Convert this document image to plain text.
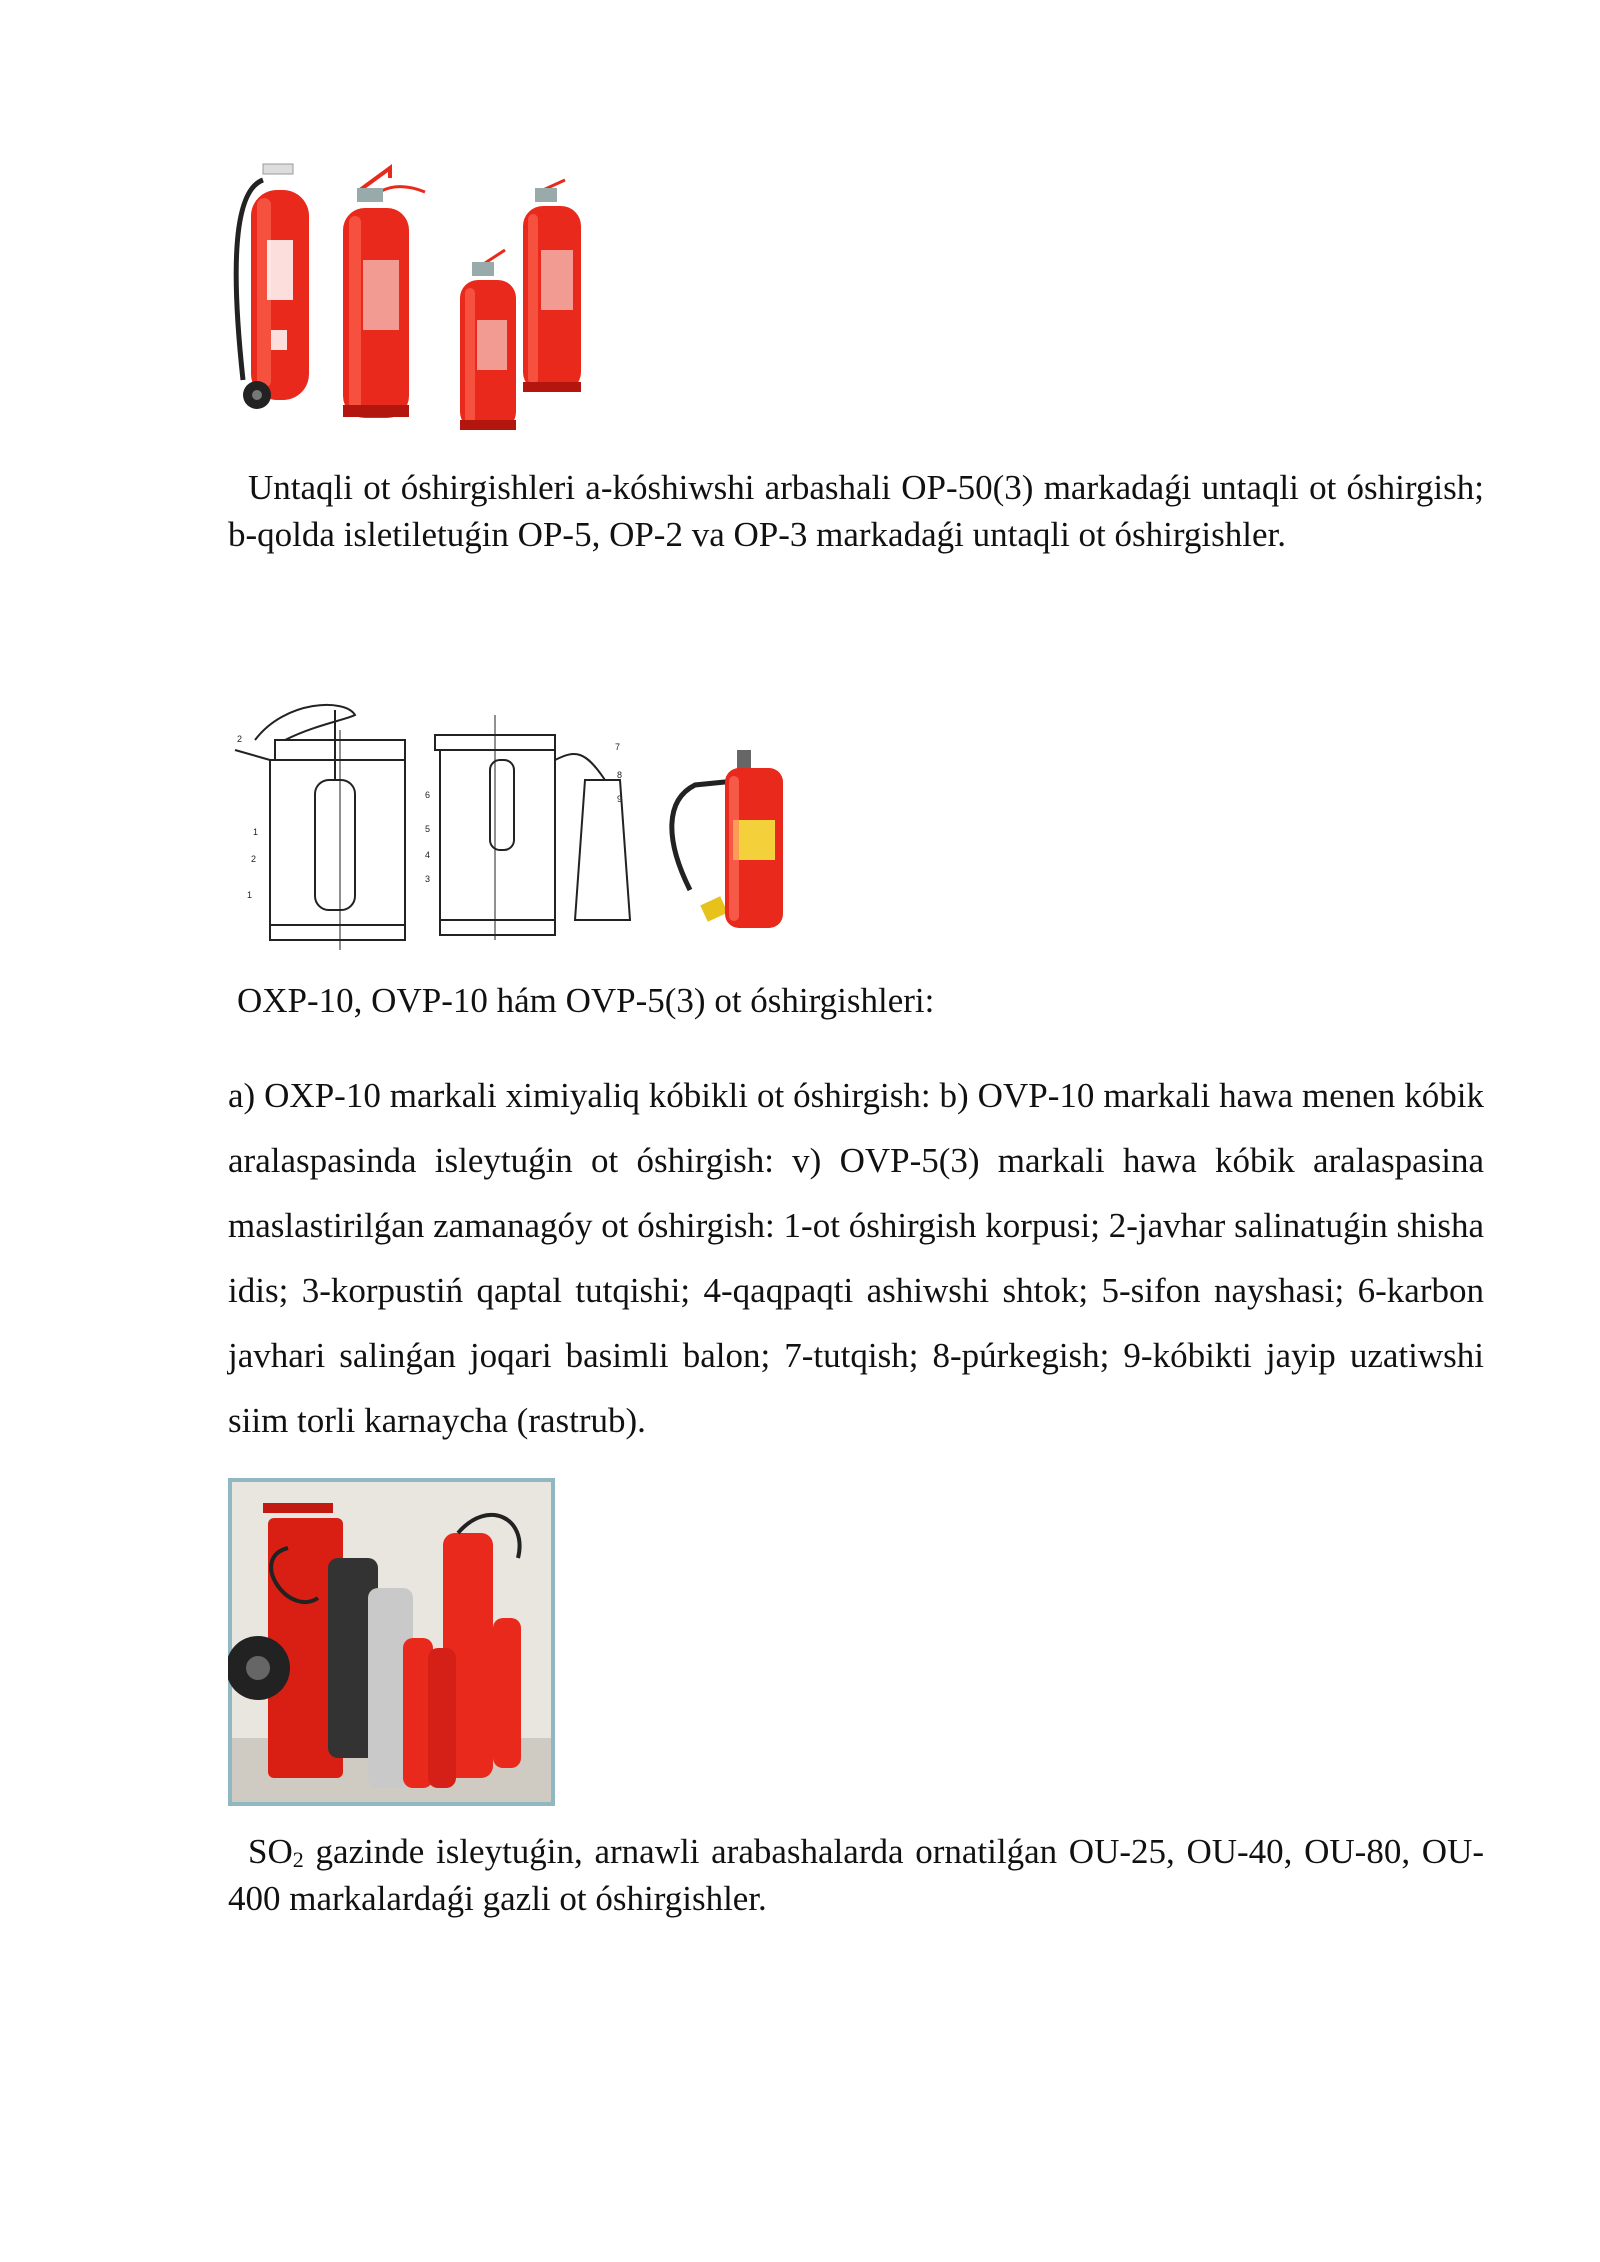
Untaqli ot óshirgishleri a-kóshiwshi arbashali OP-50(3) markadaǵi untaqli ot óshirgish; b-qolda isletiletuǵin OP-5, OP-2 va OP-3 markadaǵi untaqli ot óshirgishler.

2
1
2
1
7
8
9
6
5
4
3

OXP-10, OVP-10 hám OVP-5(3) ot óshirgishleri:

a) OXP-10 markali ximiyaliq kóbikli ot óshirgish: b) OVP-10 markali hawa menen kóbik aralaspasinda isleytuǵin ot óshirgish: v) OVP-5(3) markali hawa kóbik aralaspasina maslastirilǵan zamanagóy ot óshirgish: 1-ot óshirgish korpusi; 2-javhar salinatuǵin shisha idis; 3-korpustiń qaptal tutqishi; 4-qaqpaqti ashiwshi shtok; 5-sifon nayshasi; 6-karbon javhari salinǵan joqari basimli balon; 7-tutqish; 8-púrkegish; 9-kóbikti jayip uzatiwshi siim torli karnaycha (rastrub).

$SO_2$ gazinde isleytuǵin, arnawli arabashalarda ornatilǵan OU-25, OU-40, OU-80, OU-400 markalardaǵi gazli ot óshirgishler.
